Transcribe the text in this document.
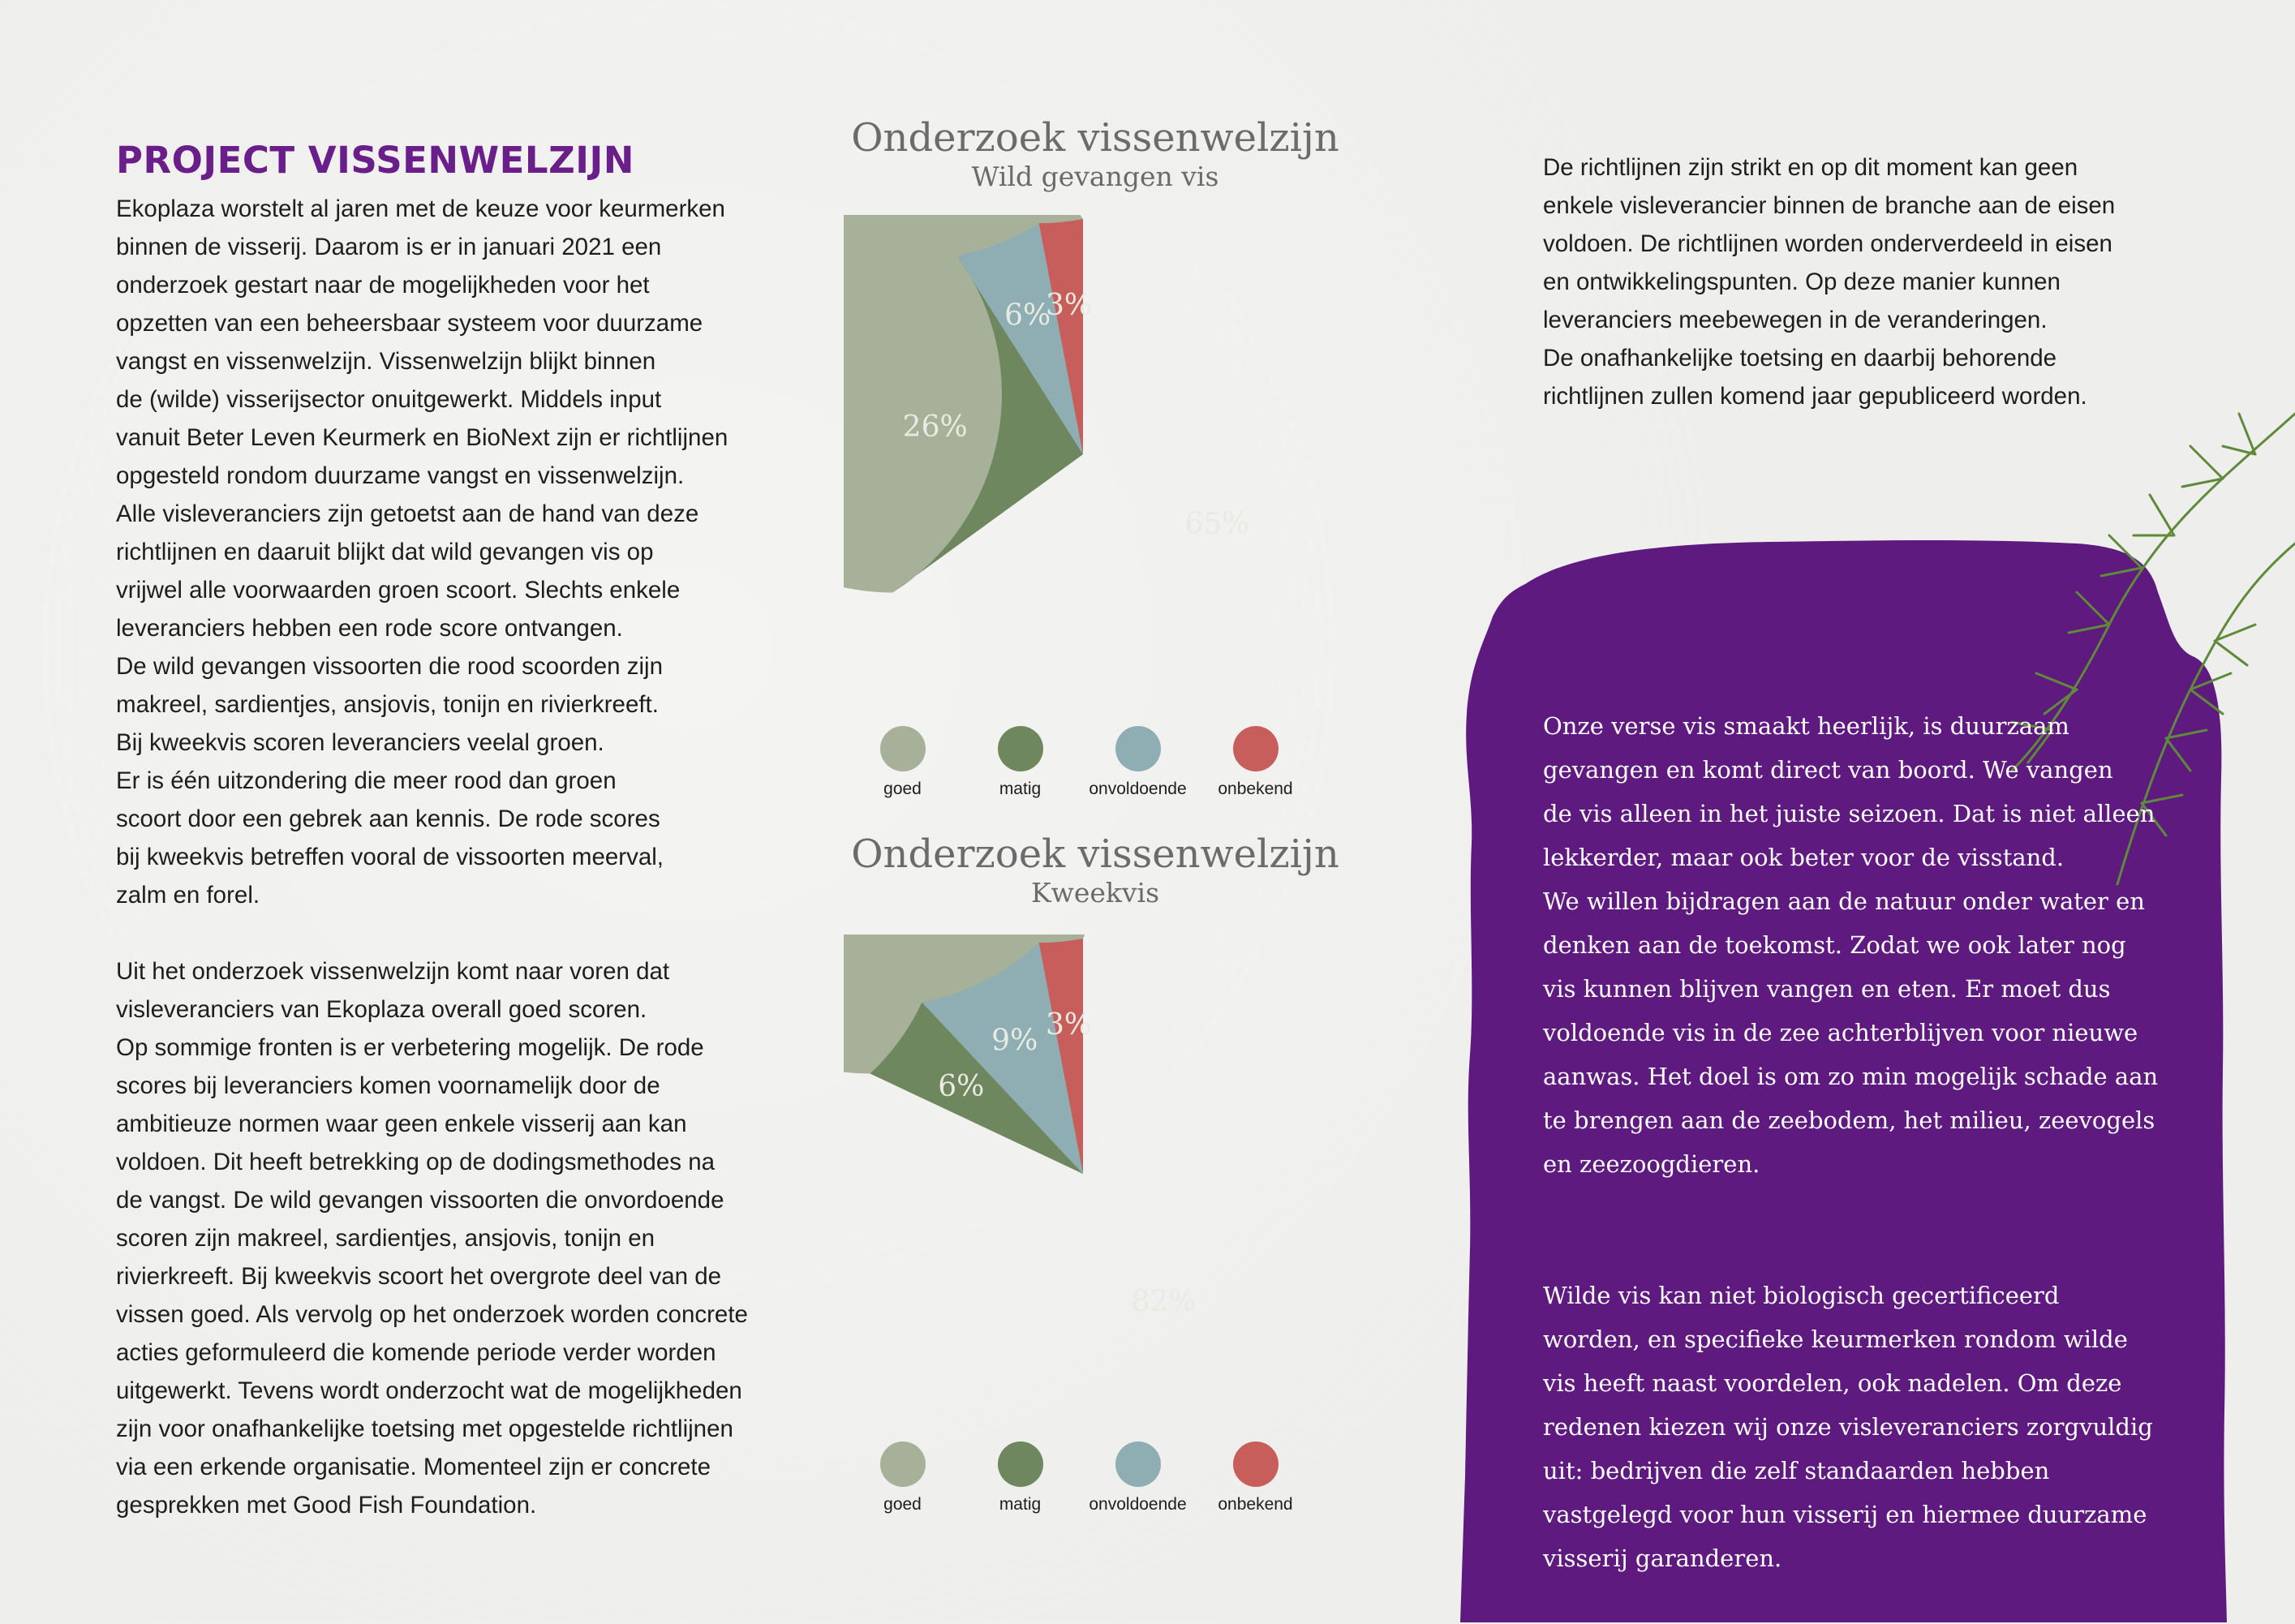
PROJECT VISSENWELZIJN

Ekoplaza worstelt al jaren met de keuze voor keurmerken
binnen de visserij. Daarom is er in januari 2021 een
onderzoek gestart naar de mogelijkheden voor het
opzetten van een beheersbaar systeem voor duurzame
vangst en vissenwelzijn. Vissenwelzijn blijkt binnen
de (wilde) visserijsector onuitgewerkt. Middels input
vanuit Beter Leven Keurmerk en BioNext zijn er richtlijnen
opgesteld rondom duurzame vangst en vissenwelzijn.
Alle visleveranciers zijn getoetst aan de hand van deze
richtlijnen en daaruit blijkt dat wild gevangen vis op
vrijwel alle voorwaarden groen scoort. Slechts enkele
leveranciers hebben een rode score ontvangen.
De wild gevangen vissoorten die rood scoorden zijn
makreel, sardientjes, ansjovis, tonijn en rivierkreeft.
Bij kweekvis scoren leveranciers veelal groen.
Er is één uitzondering die meer rood dan groen
scoort door een gebrek aan kennis. De rode scores
bij kweekvis betreffen vooral de vissoorten meerval,
zalm en forel.

Uit het onderzoek vissenwelzijn komt naar voren dat
visleveranciers van Ekoplaza overall goed scoren.
Op sommige fronten is er verbetering mogelijk. De rode
scores bij leveranciers komen voornamelijk door de
ambitieuze normen waar geen enkele visserij aan kan
voldoen. Dit heeft betrekking op de dodingsmethodes na
de vangst. De wild gevangen vissoorten die onvordoende
scoren zijn makreel, sardientjes, ansjovis, tonijn en
rivierkreeft. Bij kweekvis scoort het overgrote deel van de
vissen goed. Als vervolg op het onderzoek worden concrete
acties geformuleerd die komende periode verder worden
uitgewerkt. Tevens wordt onderzocht wat de mogelijkheden
zijn voor onafhankelijke toetsing met opgestelde richtlijnen
via een erkende organisatie. Momenteel zijn er concrete
gesprekken met Good Fish Foundation.

Onderzoek vissenwelzijn
Wild gevangen vis
65%
26%
6%
3%
goed	matig	onvoldoende	onbekend
Onderzoek vissenwelzijn
Kweekvis
82%
6%
9% 3%
goed	matig	onvoldoende	onbekend

De richtlijnen zijn strikt en op dit moment kan geen
enkele visleverancier binnen de branche aan de eisen
voldoen. De richtlijnen worden onderverdeeld in eisen
en ontwikkelingspunten. Op deze manier kunnen
leveranciers meebewegen in de veranderingen.
De onafhankelijke toetsing en daarbij behorende
richtlijnen zullen komend jaar gepubliceerd worden.

Onze verse vis smaakt heerlijk, is duurzaam
gevangen en komt direct van boord. We vangen
de vis alleen in het juiste seizoen. Dat is niet alleen
lekkerder, maar ook beter voor de visstand.
We willen bijdragen aan de natuur onder water en
denken aan de toekomst. Zodat we ook later nog
vis kunnen blijven vangen en eten. Er moet dus
voldoende vis in de zee achterblijven voor nieuwe
aanwas. Het doel is om zo min mogelijk schade aan
te brengen aan de zeebodem, het milieu, zeevogels
en zeezoogdieren.

Wilde vis kan niet biologisch gecertificeerd
worden, en specifieke keurmerken rondom wilde
vis heeft naast voordelen, ook nadelen. Om deze
redenen kiezen wij onze visleveranciers zorgvuldig
uit: bedrijven die zelf standaarden hebben
vastgelegd voor hun visserij en hiermee duurzame
visserij garanderen.
